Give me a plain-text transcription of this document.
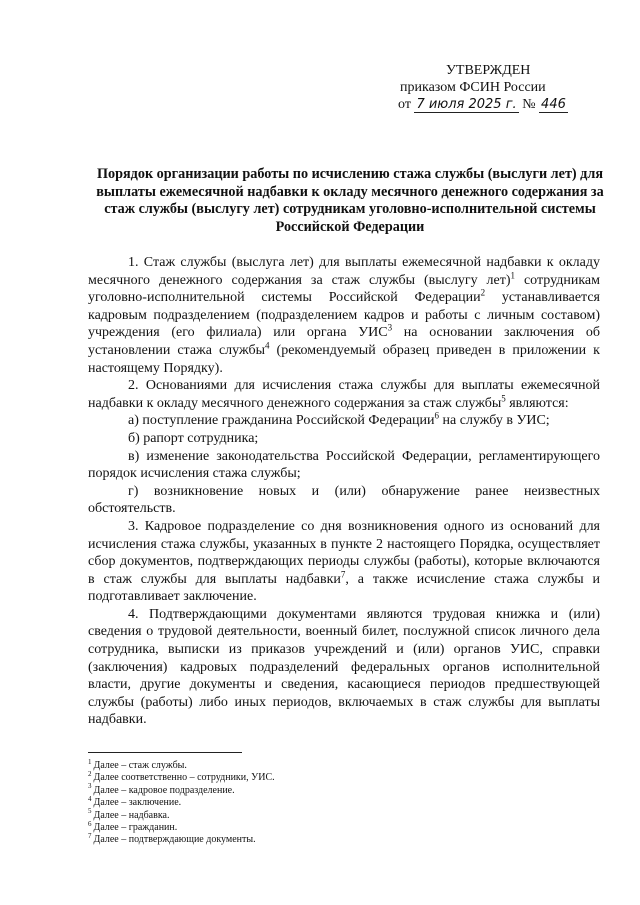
УТВЕРЖДЕН
приказом ФСИН России
от 7 июля 2025 г. № 446
Порядок организации работы по исчислению стажа службы (выслуги лет) для выплаты ежемесячной надбавки к окладу месячного денежного содержания за стаж службы (выслугу лет) сотрудникам уголовно-исполнительной системы Российской Федерации

1. Стаж службы (выслуга лет) для выплаты ежемесячной надбавки к окладу месячного денежного содержания за стаж службы (выслугу лет)$^1$ сотрудникам уголовно-исполнительной системы Российской Федерации$^2$ устанавливается кадровым подразделением (подразделением кадров и работы с личным составом) учреждения (его филиала) или органа УИС$^3$ на основании заключения об установлении стажа службы$^4$ (рекомендуемый образец приведен в приложении к настоящему Порядку).

2. Основаниями для исчисления стажа службы для выплаты ежемесячной надбавки к окладу месячного денежного содержания за стаж службы$^5$ являются:

а) поступление гражданина Российской Федерации$^6$ на службу в УИС;

б) рапорт сотрудника;

в) изменение законодательства Российской Федерации, регламентирующего порядок исчисления стажа службы;

г) возникновение новых и (или) обнаружение ранее неизвестных обстоятельств.

3. Кадровое подразделение со дня возникновения одного из оснований для исчисления стажа службы, указанных в пункте 2 настоящего Порядка, осуществляет сбор документов, подтверждающих периоды службы (работы), которые включаются в стаж службы для выплаты надбавки$^7$, а также исчисление стажа службы и подготавливает заключение.

4. Подтверждающими документами являются трудовая книжка и (или) сведения о трудовой деятельности, военный билет, послужной список личного дела сотрудника, выписки из приказов учреждений и (или) органов УИС, справки (заключения) кадровых подразделений федеральных органов исполнительной власти, другие документы и сведения, касающиеся периодов предшествующей службы (работы) либо иных периодов, включаемых в стаж службы для выплаты надбавки.

$^1$ Далее – стаж службы.
$^2$ Далее соответственно – сотрудники, УИС.
$^3$ Далее – кадровое подразделение.
$^4$ Далее – заключение.
$^5$ Далее – надбавка.
$^6$ Далее – гражданин.
$^7$ Далее – подтверждающие документы.
